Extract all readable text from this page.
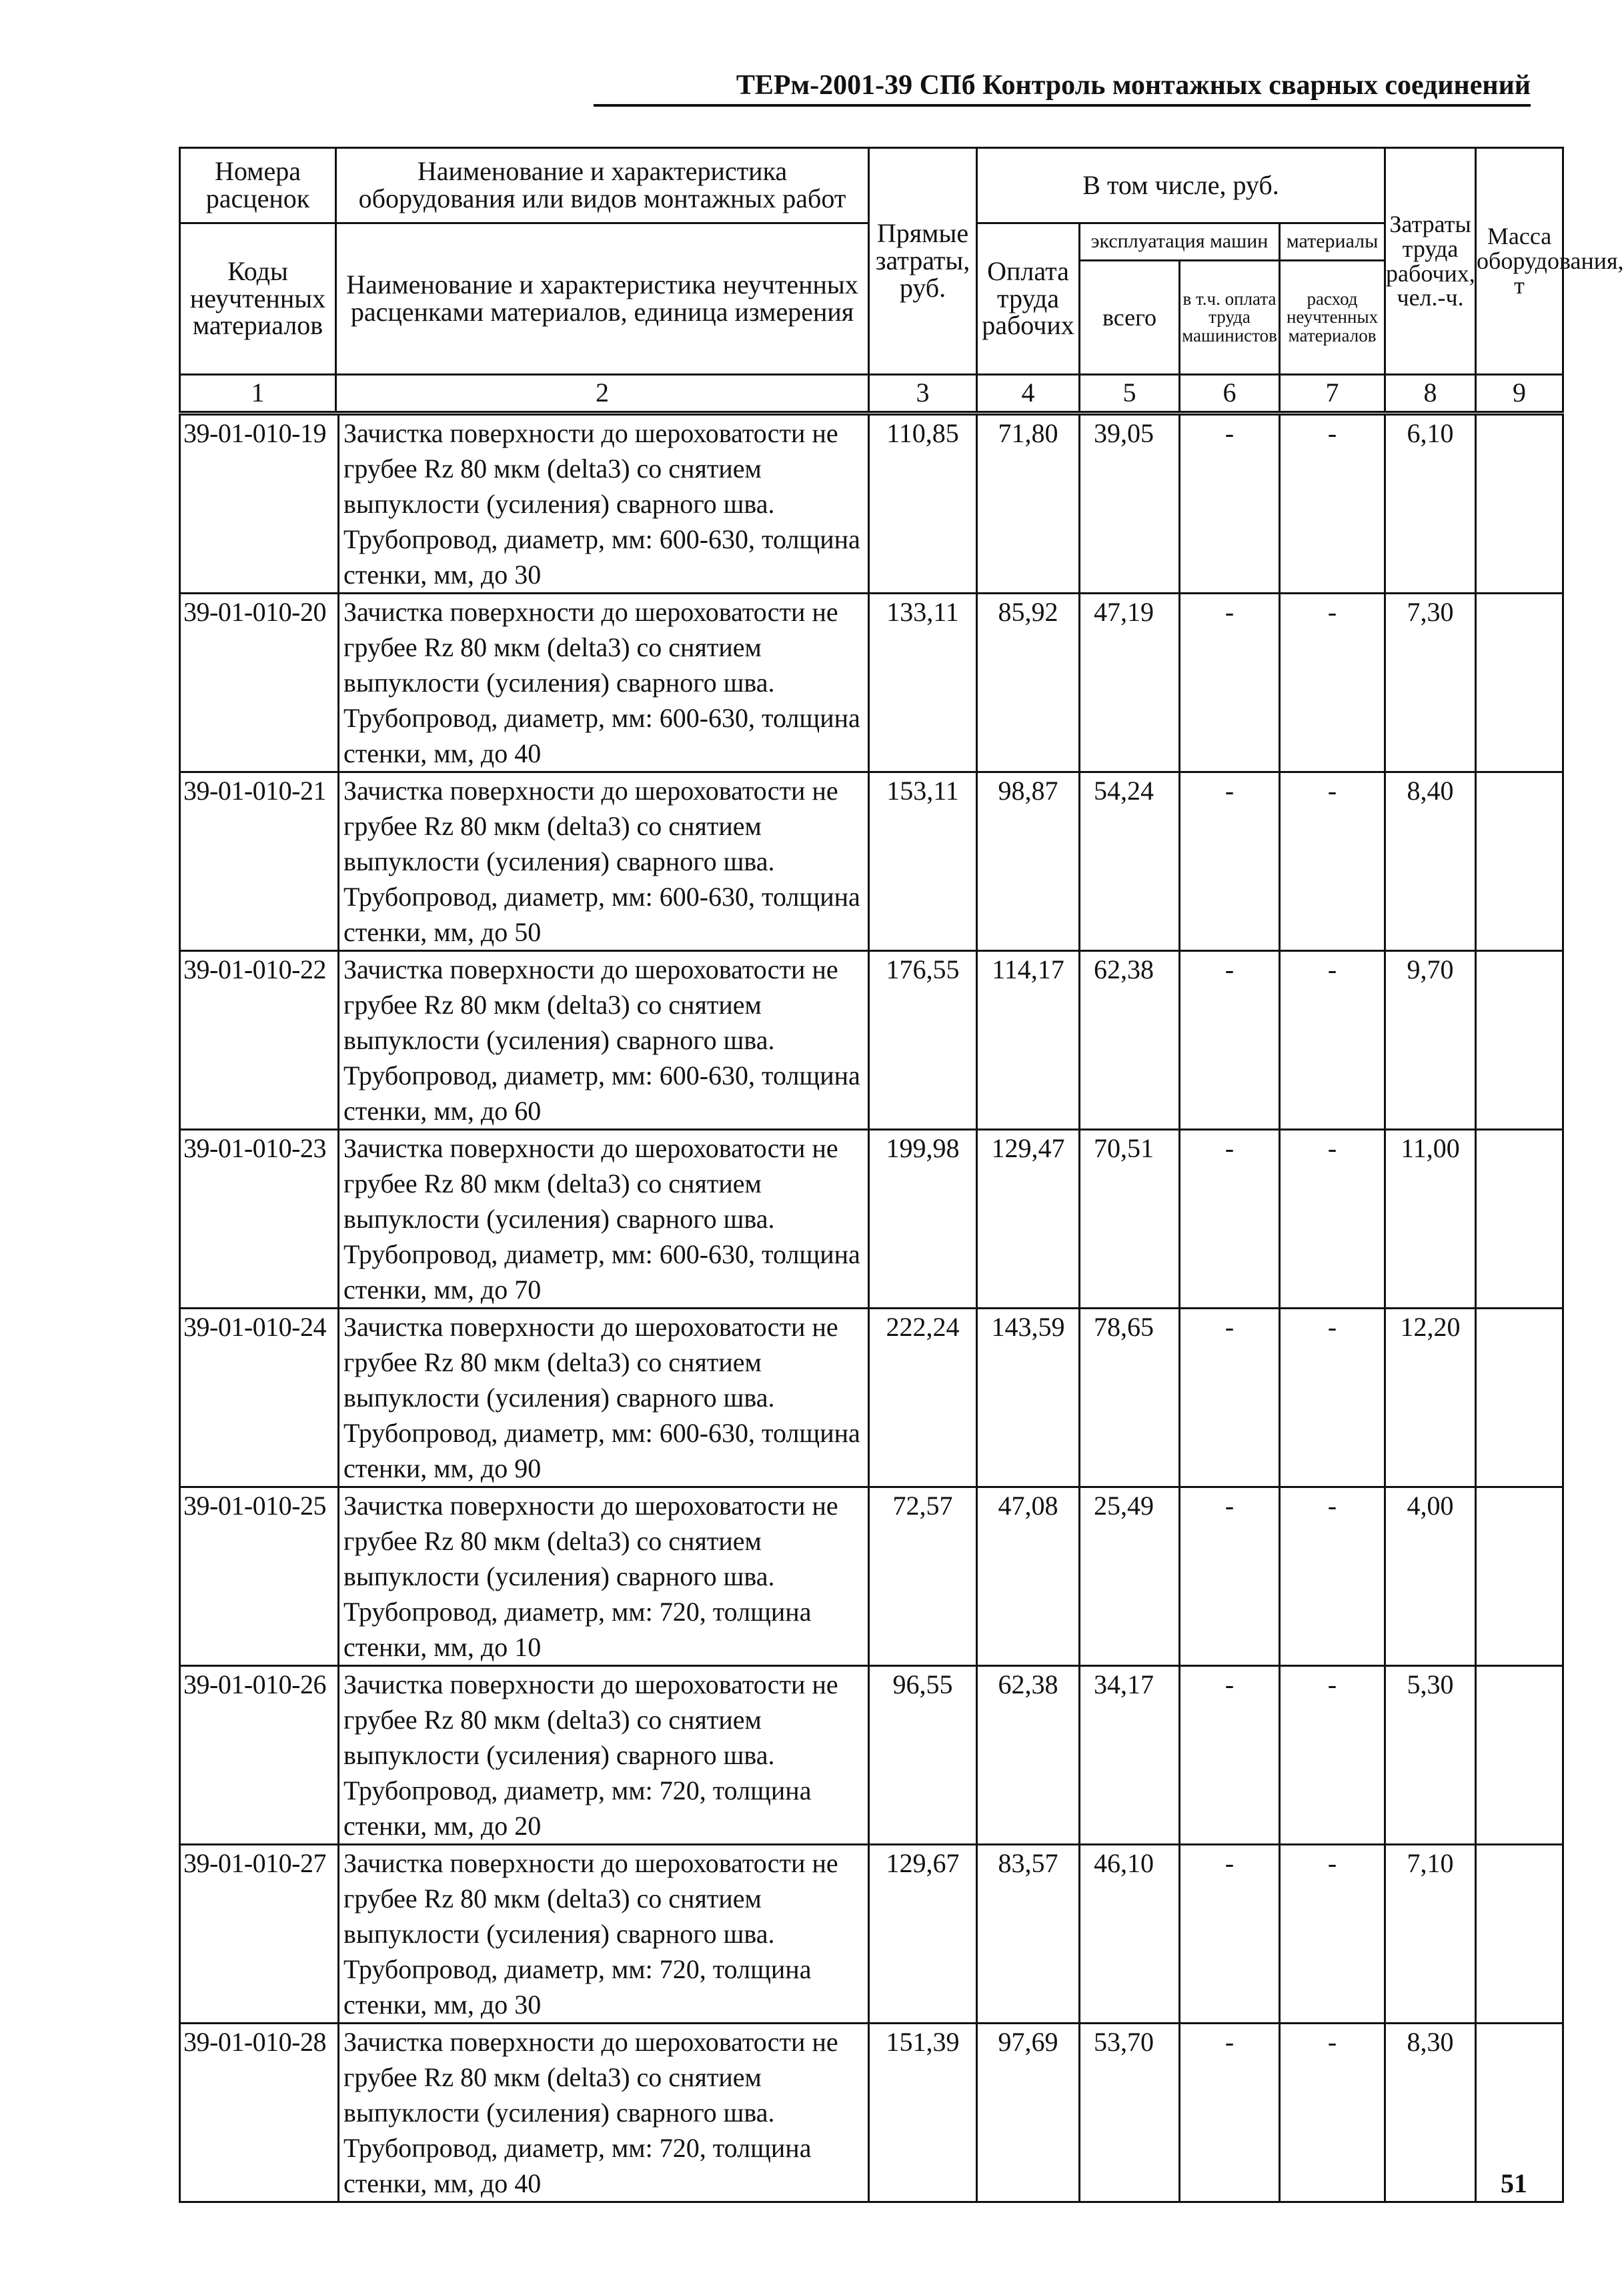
ТЕРм-2001-39 СПб Контроль монтажных сварных соединений
Номера расценок	Наименование и характеристика оборудования или видов монтажных работ	Прямые затраты, руб.	В том числе, руб.				Затраты труда рабочих, чел.-ч.	Масса оборудования, т
Коды неучтенных материалов	Наименование и характеристика неучтенных расценками материалов, единица измерения		Оплата труда рабочих	эксплуатация машин		материалы		
				всего	в т.ч. оплата труда машинистов	расход неучтенных материалов		
1	2	3	4	5	6	7	8	9
39-01-010-19	Зачистка поверхности до шероховатости не грубее Rz 80 мкм (delta3) со снятием выпуклости (усиления) сварного шва. Трубопровод, диаметр, мм: 600-630, толщина стенки, мм, до 30	110,85	71,80	39,05	-	-	6,10	
39-01-010-20	Зачистка поверхности до шероховатости не грубее Rz 80 мкм (delta3) со снятием выпуклости (усиления) сварного шва. Трубопровод, диаметр, мм: 600-630, толщина стенки, мм, до 40	133,11	85,92	47,19	-	-	7,30	
39-01-010-21	Зачистка поверхности до шероховатости не грубее Rz 80 мкм (delta3) со снятием выпуклости (усиления) сварного шва. Трубопровод, диаметр, мм: 600-630, толщина стенки, мм, до 50	153,11	98,87	54,24	-	-	8,40	
39-01-010-22	Зачистка поверхности до шероховатости не грубее Rz 80 мкм (delta3) со снятием выпуклости (усиления) сварного шва. Трубопровод, диаметр, мм: 600-630, толщина стенки, мм, до 60	176,55	114,17	62,38	-	-	9,70	
39-01-010-23	Зачистка поверхности до шероховатости не грубее Rz 80 мкм (delta3) со снятием выпуклости (усиления) сварного шва. Трубопровод, диаметр, мм: 600-630, толщина стенки, мм, до 70	199,98	129,47	70,51	-	-	11,00	
39-01-010-24	Зачистка поверхности до шероховатости не грубее Rz 80 мкм (delta3) со снятием выпуклости (усиления) сварного шва. Трубопровод, диаметр, мм: 600-630, толщина стенки, мм, до 90	222,24	143,59	78,65	-	-	12,20	
39-01-010-25	Зачистка поверхности до шероховатости не грубее Rz 80 мкм (delta3) со снятием выпуклости (усиления) сварного шва. Трубопровод, диаметр, мм: 720, толщина стенки, мм, до 10	72,57	47,08	25,49	-	-	4,00	
39-01-010-26	Зачистка поверхности до шероховатости не грубее Rz 80 мкм (delta3) со снятием выпуклости (усиления) сварного шва. Трубопровод, диаметр, мм: 720, толщина стенки, мм, до 20	96,55	62,38	34,17	-	-	5,30	
39-01-010-27	Зачистка поверхности до шероховатости не грубее Rz 80 мкм (delta3) со снятием выпуклости (усиления) сварного шва. Трубопровод, диаметр, мм: 720, толщина стенки, мм, до 30	129,67	83,57	46,10	-	-	7,10	
39-01-010-28	Зачистка поверхности до шероховатости не грубее Rz 80 мкм (delta3) со снятием выпуклости (усиления) сварного шва. Трубопровод, диаметр, мм: 720, толщина стенки, мм, до 40	151,39	97,69	53,70	-	-	8,30	
51
